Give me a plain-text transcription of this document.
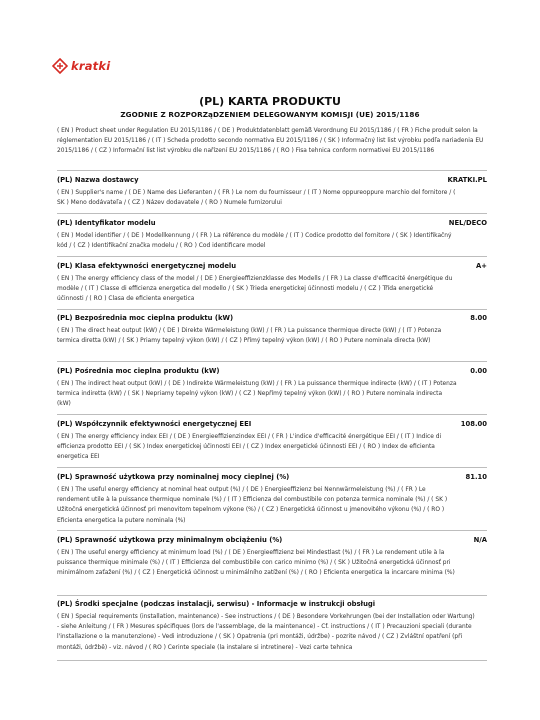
kratki
(PL) KARTA PRODUKTU
ZGODNIE Z ROZPORZąDZENIEM DELEGOWANYM KOMISJI (UE) 2015/1186
( EN ) Product sheet under Regulation EU 2015/1186 / ( DE ) Produktdatenblatt gemäß Verordnung EU 2015/1186 / ( FR ) Fiche produit selon la réglementation EU 2015/1186 / ( IT ) Scheda prodotto secondo normativa EU 2015/1186 / ( SK ) Informačný list list výrobku podľa nariadenia EU 2015/1186 / ( CZ ) Informační list list výrobku dle nařízení EU 2015/1186 / ( RO ) Fisa tehnica conform normativei EU 2015/1186
(PL) Nazwa dostawcy	KRATKI.PL
( EN ) Supplier's name / ( DE ) Name des Lieferanten / ( FR ) Le nom du fournisseur / ( IT ) Nome oppureoppure marchio del fornitore / ( SK ) Meno dodávateľa / ( CZ ) Název dodavatele / ( RO ) Numele furnizorului
(PL) Identyfikator modelu	NEL/DECO
( EN ) Model identifier / ( DE ) Modellkennung / ( FR ) La référence du modèle / ( IT ) Codice prodotto del fornitore / ( SK ) Identifikačný kód / ( CZ ) Identifikační značka modelu / ( RO ) Cod identificare model
(PL) Klasa efektywności energetycznej modelu	A+
( EN ) The energy efficiency class of the model / ( DE ) Energieeffizienzklasse des Modells / ( FR ) La classe d'efficacité énergétique du modèle / ( IT ) Classe di efficienza energetica del modello / ( SK ) Trieda energetickej účinnosti modelu / ( CZ ) Třída energetické účinnosti / ( RO ) Clasa de eficienta energetica
(PL) Bezpośrednia moc cieplna produktu (kW)	8.00
( EN ) The direct heat output (kW) / ( DE ) Direkte Wärmeleistung (kW) / ( FR ) La puissance thermique directe (kW) / ( IT ) Potenza termica diretta (kW) / ( SK ) Priamy tepelný výkon (kW) / ( CZ ) Přímý tepelný výkon (kW) / ( RO ) Putere nominala directa (kW)
(PL) Pośrednia moc cieplna produktu (kW)	0.00
( EN ) The indirect heat output (kW) / ( DE ) Indirekte Wärmeleistung (kW) / ( FR ) La puissance thermique indirecte (kW) / ( IT ) Potenza termica indiretta (kW) / ( SK ) Nepriamy tepelný výkon (kW) / ( CZ ) Nepřímý tepelný výkon (kW) / ( RO ) Putere nominala indirecta (kW)
(PL) Współczynnik efektywności energetycznej EEI	108.00
( EN ) The energy efficiency index EEI / ( DE ) Energieeffizienzindex EEI / ( FR ) L'indice d'efficacité énergétique EEI / ( IT ) Indice di efficienza prodotto EEI / ( SK ) Index energetickej účinnosti EEI / ( CZ ) Index energetické účinnosti EEI / ( RO ) Index de eficienta energetica EEI
(PL) Sprawność użytkowa przy nominalnej mocy cieplnej (%)	81.10
( EN ) The useful energy efficiency at nominal heat output (%) / ( DE ) Energieeffizienz bei Nennwärmeleistung (%) / ( FR ) Le rendement utile à la puissance thermique nominale (%) / ( IT ) Efficienza del combustibile con potenza termica nominale (%) / ( SK ) Užitočná energetická účinnosť pri menovitom tepelnom výkone (%) / ( CZ ) Energetická účinnost u jmenovitého výkonu (%) / ( RO ) Eficienta energetica la putere nominala (%)
(PL) Sprawność użytkowa przy minimalnym obciążeniu (%)	N/A
( EN ) The useful energy efficiency at minimum load (%) / ( DE ) Energieeffizienz bei Mindestlast (%) / ( FR ) Le rendement utile à la puissance thermique minimale (%) / ( IT ) Efficienza del combustibile con carico minimo (%) / ( SK ) Užitočná energetická účinnosť pri minimálnom zaťažení (%) / ( CZ ) Energetická účinnost u minimálního zatížení (%) / ( RO ) Eficienta energetica la incarcare minima (%)
(PL) Środki specjalne (podczas instalacji, serwisu) - Informacje w instrukcji obsługi
( EN ) Special requirements (installation, maintenance) - See instructions / ( DE ) Besondere Vorkehrungen (bei der Installation oder Wartung) - siehe Anleitung / ( FR ) Mesures spécifiques (lors de l'assemblage, de la maintenance) - Cf. instructions / ( IT ) Precauzioni speciali (durante l'installazione o la manutenzione) - Vedi introduzione / ( SK ) Opatrenia (pri montáži, údržbe) - pozrite návod / ( CZ ) Zvláštní opatření (při montáži, údržbě) - viz. návod / ( RO ) Cerinte speciale (la instalare si intretinere) - Vezi carte tehnica
